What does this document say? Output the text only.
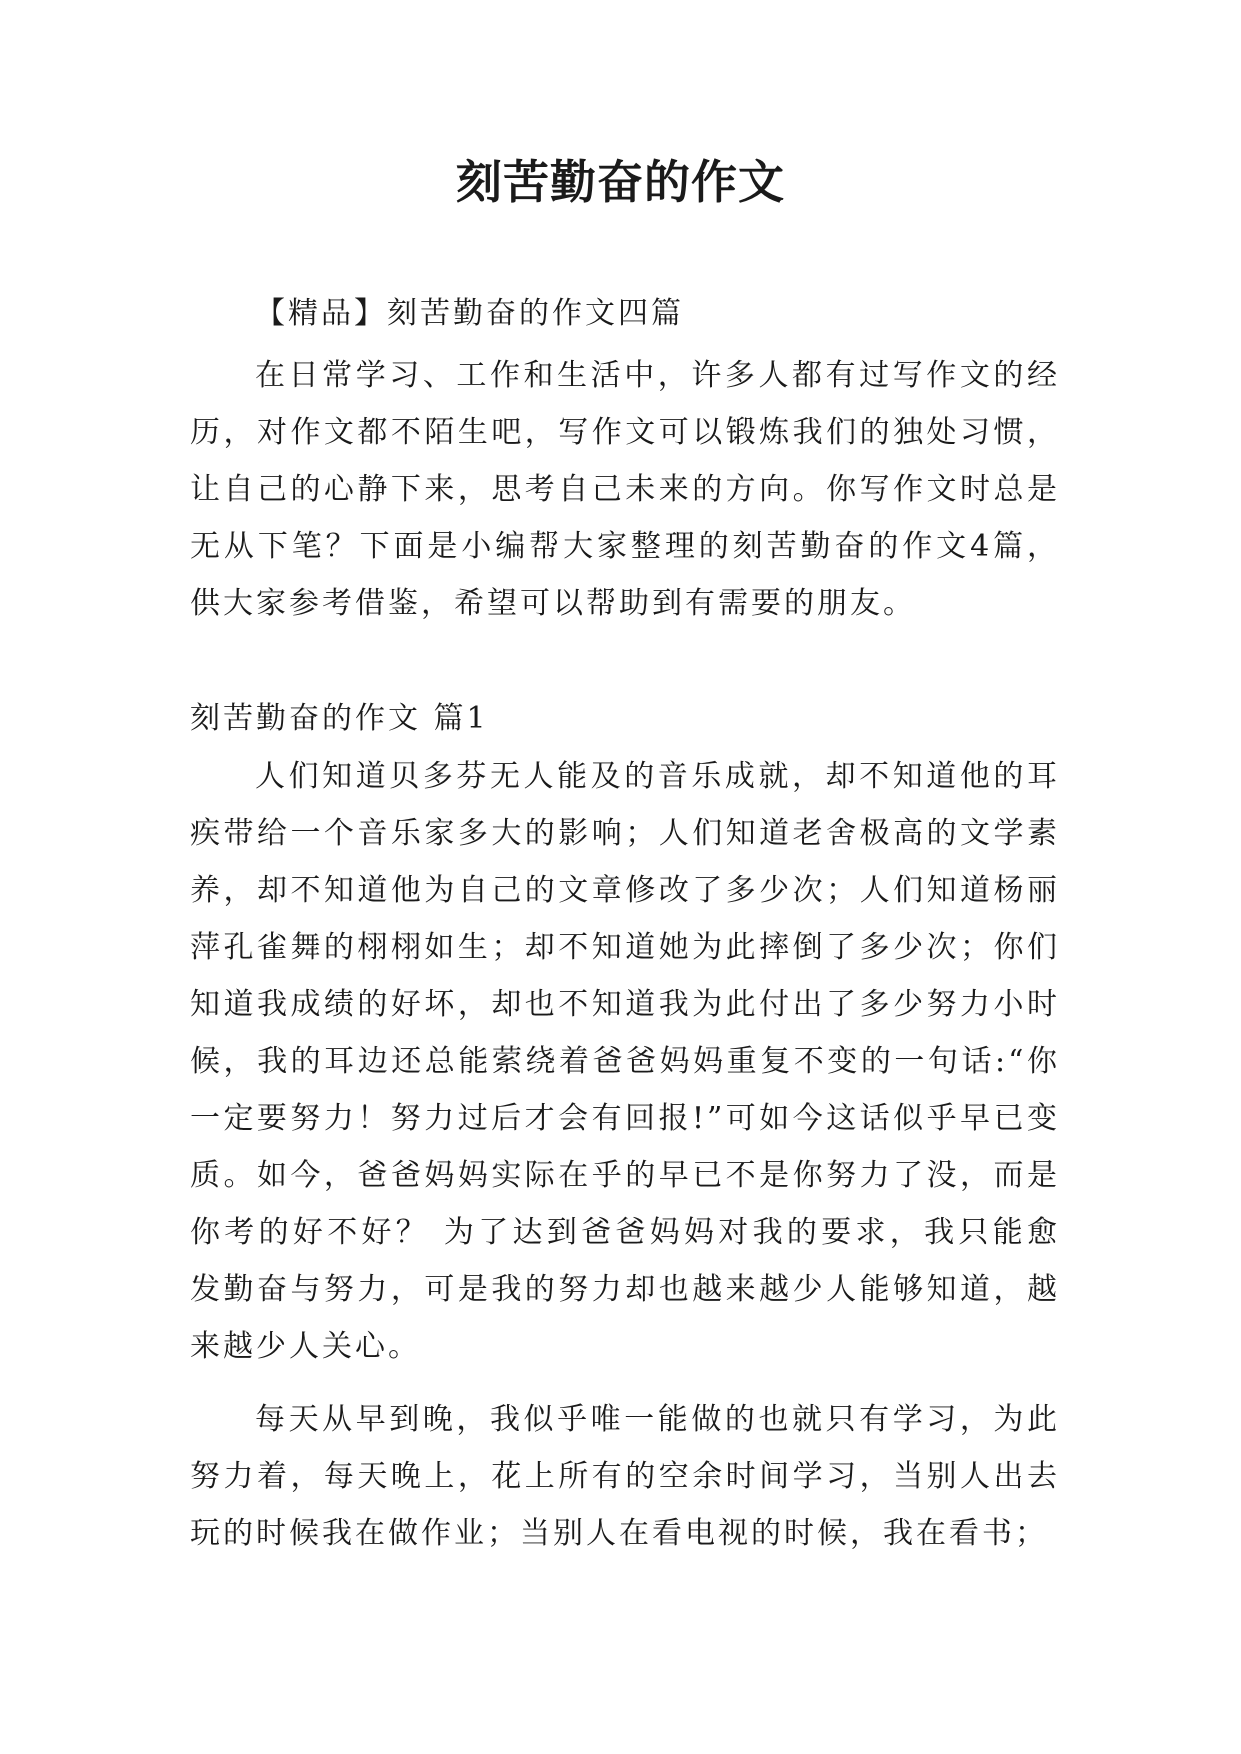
刻苦勤奋的作文

【精品】刻苦勤奋的作文四篇

在日常学习、工作和生活中，许多人都有过写作文的经历，对作文都不陌生吧，写作文可以锻炼我们的独处习惯，让自己的心静下来，思考自己未来的方向。你写作文时总是无从下笔？下面是小编帮大家整理的刻苦勤奋的作文4篇，供大家参考借鉴，希望可以帮助到有需要的朋友。

刻苦勤奋的作文 篇1

人们知道贝多芬无人能及的音乐成就，却不知道他的耳疾带给一个音乐家多大的影响；人们知道老舍极高的文学素养，却不知道他为自己的文章修改了多少次；人们知道杨丽萍孔雀舞的栩栩如生；却不知道她为此摔倒了多少次；你们知道我成绩的好坏，却也不知道我为此付出了多少努力小时候，我的耳边还总能萦绕着爸爸妈妈重复不变的一句话:“你一定要努力！努力过后才会有回报!”可如今这话似乎早已变质。如今，爸爸妈妈实际在乎的早已不是你努力了没，而是你考的好不好？ 为了达到爸爸妈妈对我的要求，我只能愈发勤奋与努力，可是我的努力却也越来越少人能够知道，越来越少人关心。

每天从早到晚，我似乎唯一能做的也就只有学习，为此努力着，每天晚上，花上所有的空余时间学习，当别人出去玩的时候我在做作业；当别人在看电视的时候，我在看书；
